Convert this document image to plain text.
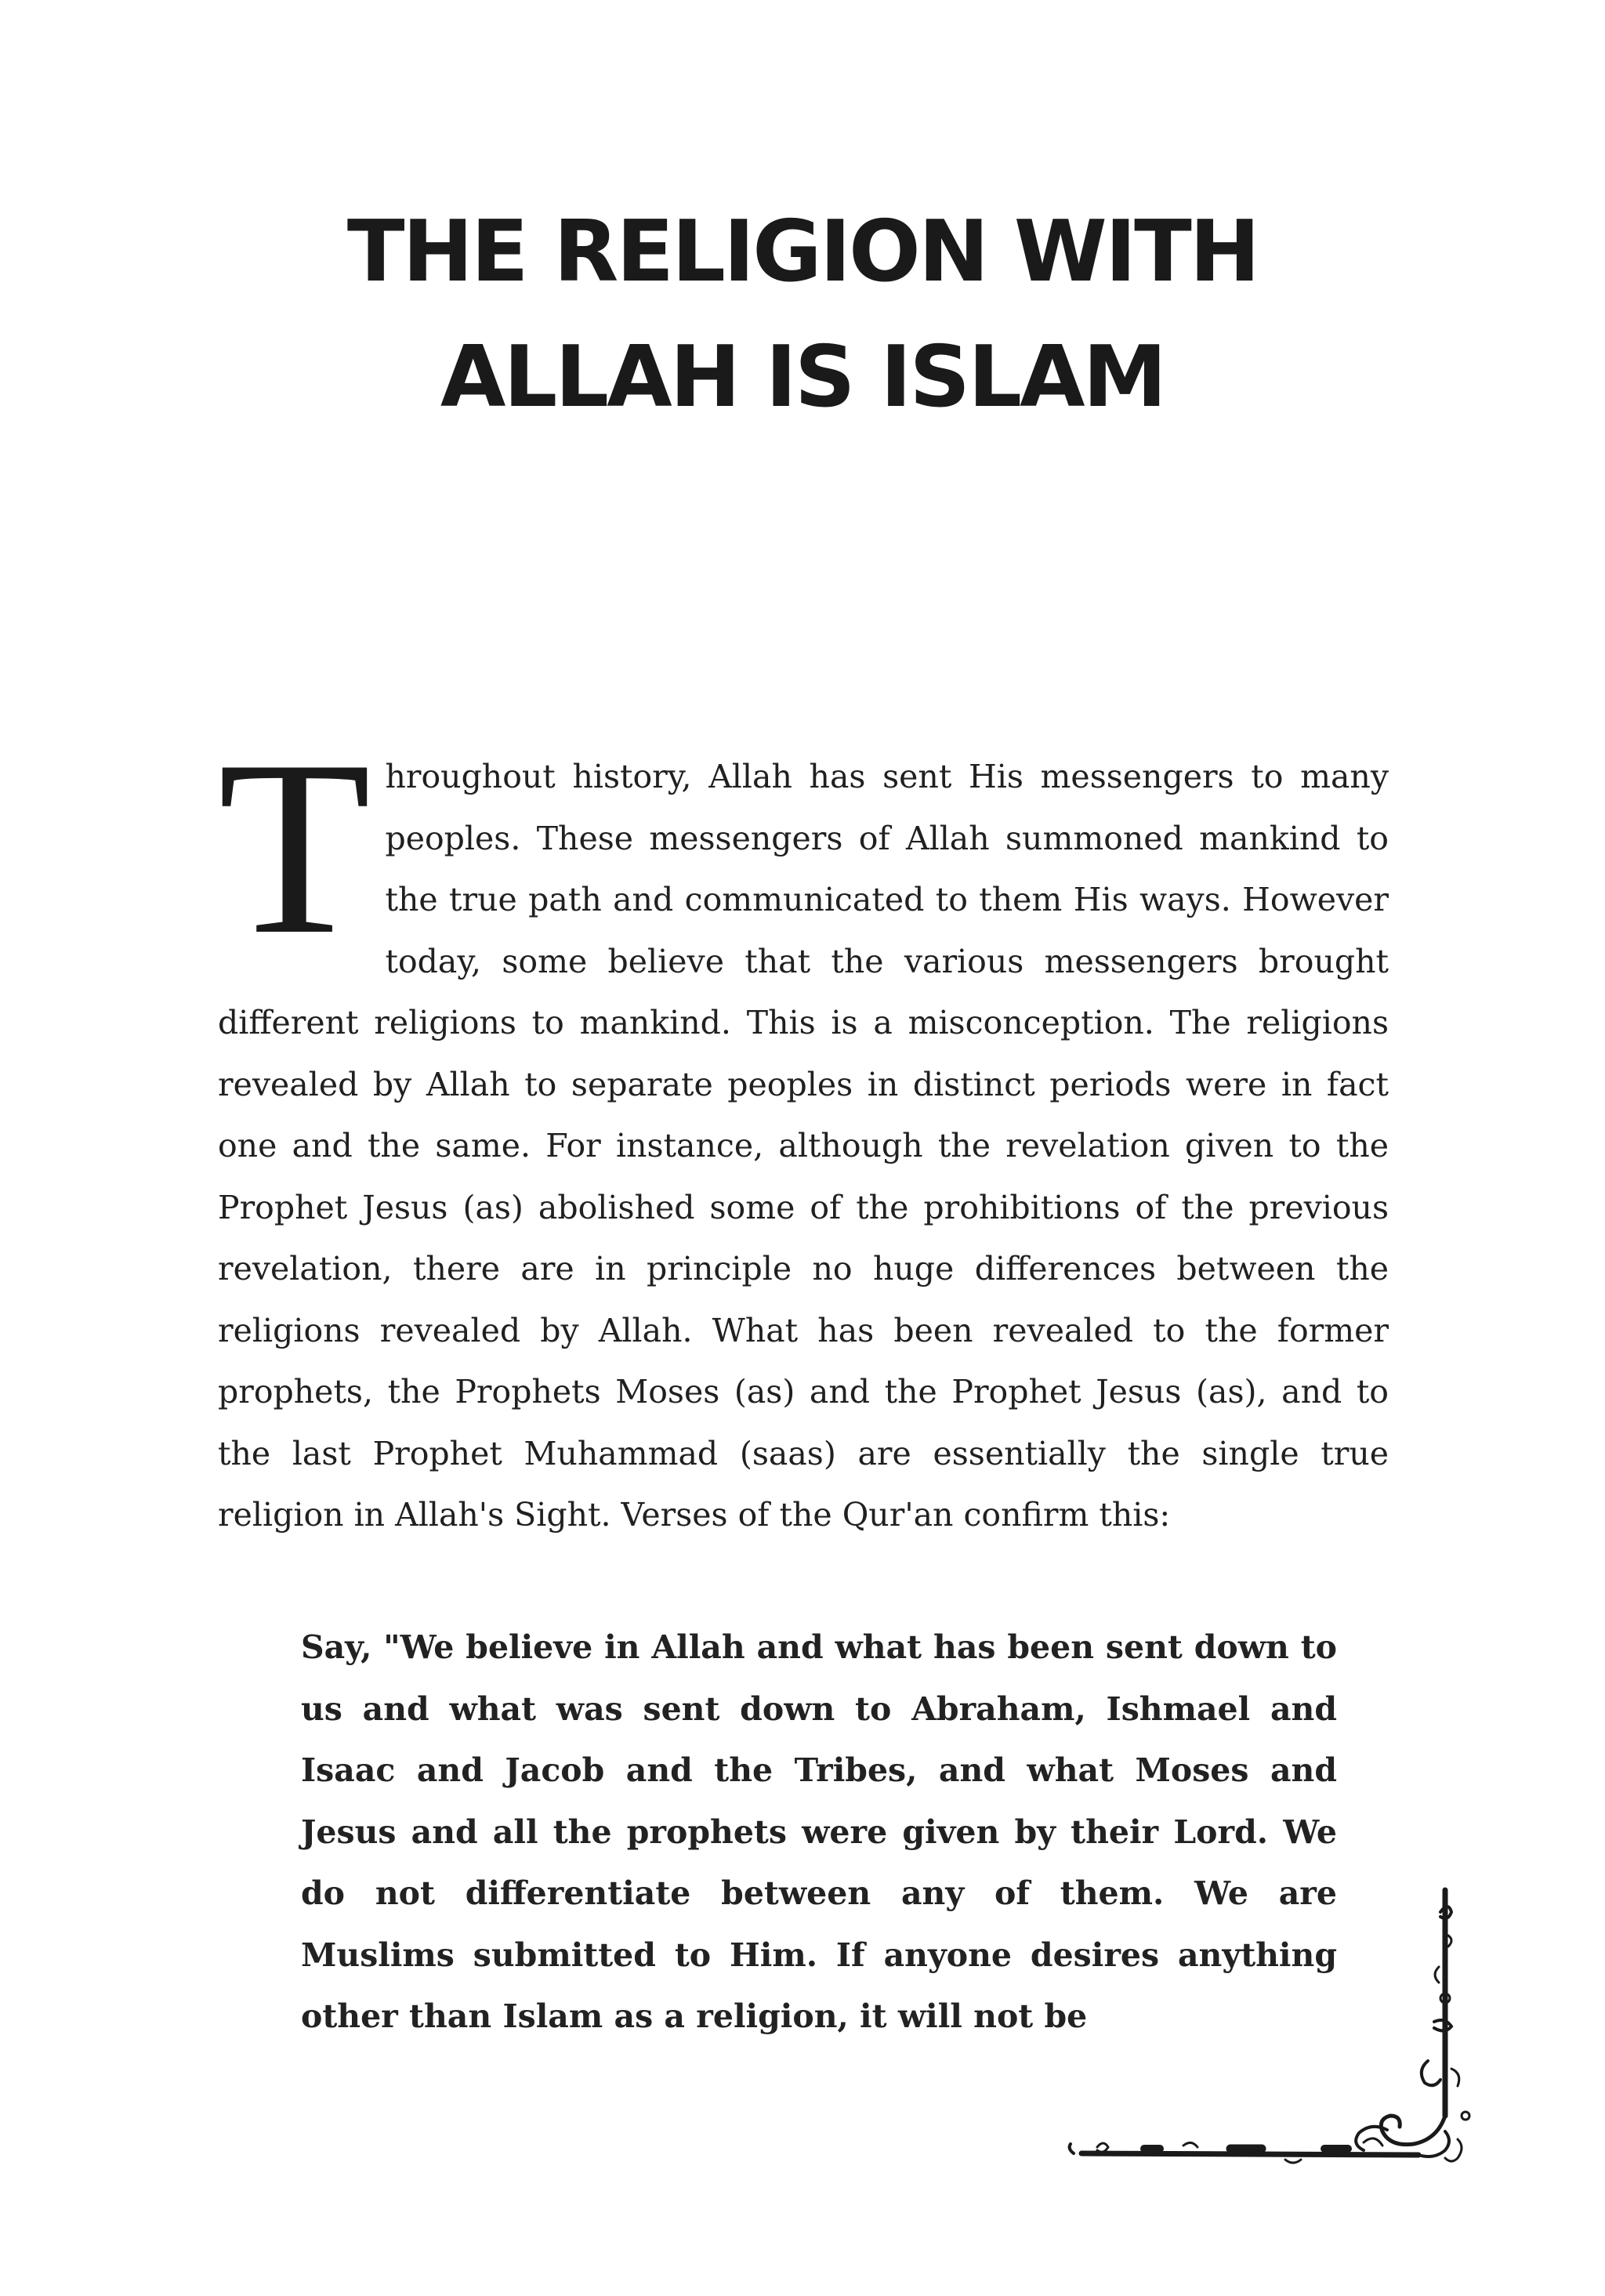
THE RELIGION WITH
ALLAH IS ISLAM

Throughout history, Allah has sent His messengers to many peoples. These messengers of Allah summoned mankind to the true path and communicated to them His ways. However today, some believe that the various messengers brought different religions to mankind. This is a misconception. The religions revealed by Allah to separate peoples in distinct periods were in fact one and the same. For instance, although the revelation given to the Prophet Jesus (as) abolished some of the prohibitions of the previous revelation, there are in principle no huge differences between the religions revealed by Allah. What has been revealed to the former prophets, the Prophets Moses (as) and the Prophet Jesus (as), and to the last Prophet Muhammad (saas) are essentially the single true religion in Allah's Sight. Verses of the Qur'an confirm this:

Say, "We believe in Allah and what has been sent down to us and what was sent down to Abraham, Ishmael and Isaac and Jacob and the Tribes, and what Moses and Jesus and all the prophets were given by their Lord. We do not differentiate between any of them. We are Muslims submitted to Him. If anyone desires anything other than Islam as a religion, it will not be
